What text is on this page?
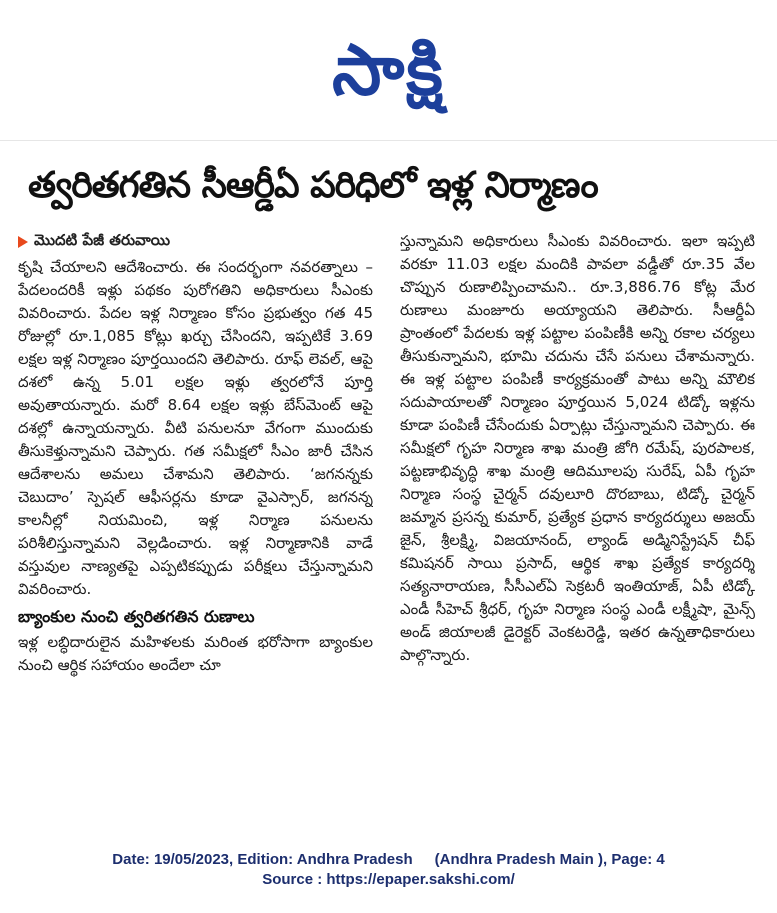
సాక్షి
త్వరితగతిన సీఆర్డీఏ పరిధిలో ఇళ్ల నిర్మాణం
మొదటి పేజీ తరువాయి

కృషి చేయాలని ఆదేశించారు. ఈ సందర్భంగా నవరత్నాలు – పేదలందరికీ ఇళ్లు పథకం పురోగతిని అధికారులు సీఎంకు వివరించారు. పేదల ఇళ్ల నిర్మాణం కోసం ప్రభుత్వం గత 45 రోజుల్లో రూ.1,085 కోట్లు ఖర్చు చేసిందని, ఇప్పటికే 3.69 లక్షల ఇళ్ల నిర్మాణం పూర్తయిందని తెలిపారు. రూఫ్ లెవల్, ఆపై దశలో ఉన్న 5.01 లక్షల ఇళ్లు త్వరలోనే పూర్తి అవుతాయన్నారు. మరో 8.64 లక్షల ఇళ్లు బేస్‌మెంట్ ఆపై దశల్లో ఉన్నాయన్నారు. వీటి పనులనూ వేగంగా ముందుకు తీసుకెళ్తున్నామని చెప్పారు. గత సమీక్షలో సీఎం జారీ చేసిన ఆదేశాలను అమలు చేశామని తెలిపారు. ‘జగనన్నకు చెబుదాం’ స్పెషల్ ఆఫీసర్లను కూడా వైఎస్సార్, జగనన్న కాలనీల్లో నియమించి, ఇళ్ల నిర్మాణ పనులను పరిశీలిస్తున్నామని వెల్లడించారు. ఇళ్ల నిర్మాణానికి వాడే వస్తువుల నాణ్యతపై ఎప్పటికప్పుడు పరీక్షలు చేస్తున్నామని వివరించారు.

బ్యాంకుల నుంచి త్వరితగతిన రుణాలు

ఇళ్ల లబ్ధిదారులైన మహిళలకు మరింత భరోసాగా బ్యాంకుల నుంచి ఆర్థిక సహాయం అందేలా చూ

స్తున్నామని అధికారులు సీఎంకు వివరించారు. ఇలా ఇప్పటి వరకూ 11.03 లక్షల మందికి పావలా వడ్డీతో రూ.35 వేల చొప్పున రుణాలిప్పించామని.. రూ.3,886.76 కోట్ల మేర రుణాలు మంజూరు అయ్యాయని తెలిపారు. సీఆర్డీఏ ప్రాంతంలో పేదలకు ఇళ్ల పట్టాల పంపిణీకి అన్ని రకాల చర్యలు తీసుకున్నామని, భూమి చదును చేసే పనులు చేశామన్నారు. ఈ ఇళ్ల పట్టాల పంపిణీ కార్యక్రమంతో పాటు అన్ని మౌలిక సదుపాయాలతో నిర్మాణం పూర్తయిన 5,024 టిడ్కో ఇళ్లను కూడా పంపిణీ చేసేందుకు ఏర్పాట్లు చేస్తున్నామని చెప్పారు. ఈ సమీక్షలో గృహ నిర్మాణ శాఖ మంత్రి జోగి రమేష్, పురపాలక, పట్టణాభివృద్ధి శాఖ మంత్రి ఆదిమూలపు సురేష్, ఏపీ గృహ నిర్మాణ సంస్థ చైర్మన్ దవులూరి దొరబాబు, టిడ్కో చైర్మన్ జమ్మాన ప్రసన్న కుమార్, ప్రత్యేక ప్రధాన కార్యదర్శులు అజయ్ జైన్, శ్రీలక్ష్మి, విజయానంద్, ల్యాండ్ అడ్మినిస్ట్రేషన్ చీఫ్ కమిషనర్ సాయి ప్రసాద్, ఆర్థిక శాఖ ప్రత్యేక కార్యదర్శి సత్యనారాయణ, సీసీఎల్‌ఏ సెక్రటరీ ఇంతియాజ్, ఏపీ టిడ్కో ఎండీ సీహెచ్ శ్రీధర్, గృహ నిర్మాణ సంస్థ ఎండీ లక్ష్మీషా, మైన్స్ అండ్ జియాలజీ డైరెక్టర్ వెంకటరెడ్డి, ఇతర ఉన్నతాధికారులు పాల్గొన్నారు.

Date: 19/05/2023, Edition: Andhra Pradesh (Andhra Pradesh Main ), Page: 4
Source : https://epaper.sakshi.com/
